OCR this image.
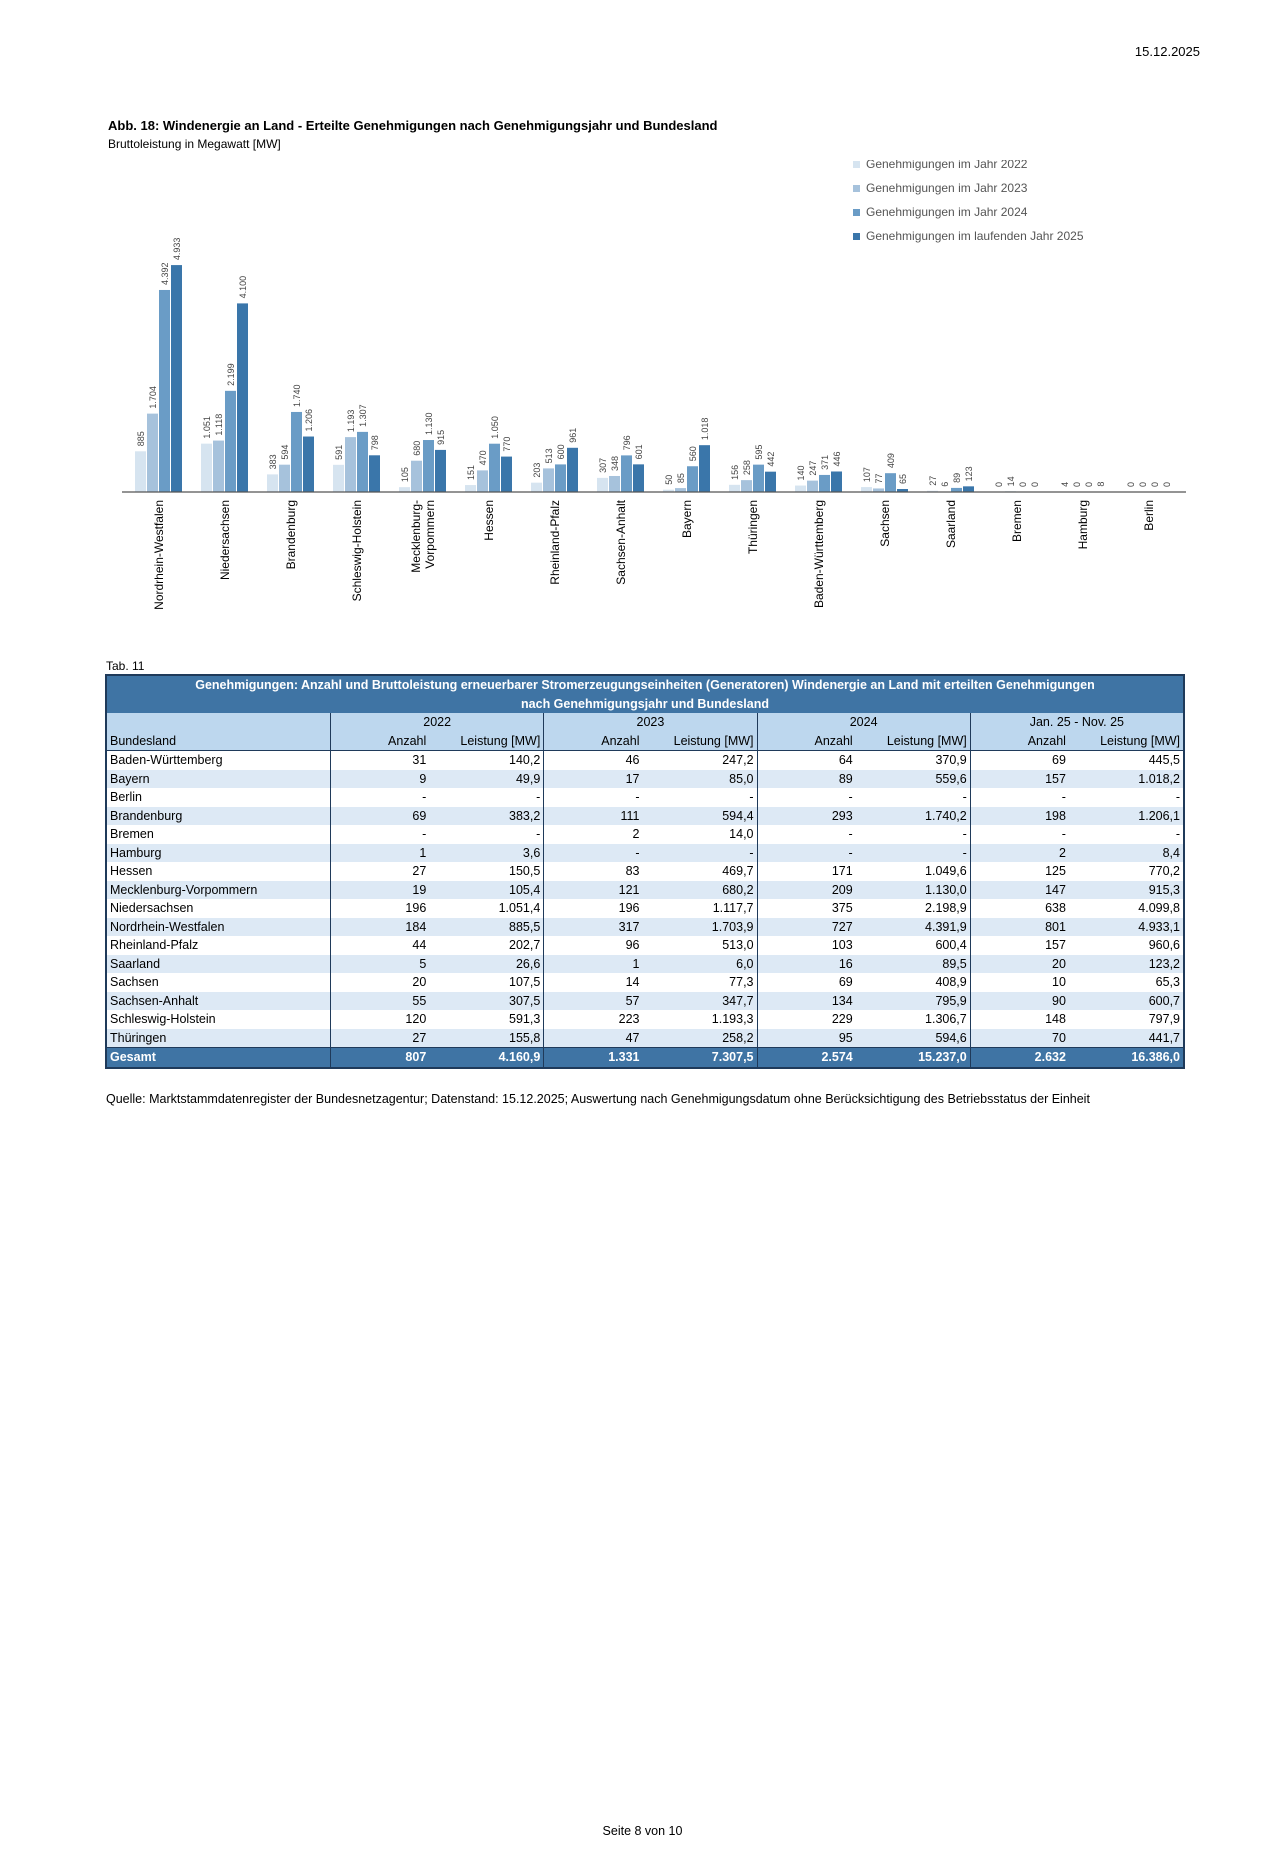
15.12.2025
Abb. 18: Windenergie an Land - Erteilte Genehmigungen nach Genehmigungsjahr und Bundesland
Bruttoleistung in Megawatt [MW]
885
1.704
4.392
4.933
Nordrhein-Westfalen
1.051 1.118
2.199
4.100
Niedersachsen
383
594
1.740
1.206
Brandenburg
591
1.193 1.307
798
Schleswig-Holstein
105
680
1.130
915
Mecklenburg- Vorpommern
151
470
1.050
770
Hessen
203
513 600
961
Rheinland-Pfalz
307 348
796
601
Sachsen-Anhalt
50 85
560
1.018
Bayern
156 258
595 442
Thüringen
140 247 371 446
Baden-Württemberg
107 77
409
65
Sachsen
27 6
89 123
Saarland
0 14 0 0
Bremen
4 0 0 8
Hamburg
0 0 0 0
Berlin
Genehmigungen im Jahr 2022
Genehmigungen im Jahr 2023
Genehmigungen im Jahr 2024
Genehmigungen im laufenden Jahr 2025
Tab. 11
Genehmigungen: Anzahl und Bruttoleistung erneuerbarer Stromerzeugungseinheiten (Generatoren) Windenergie an Land mit erteilten Genehmigungen								
nach Genehmigungsjahr und Bundesland								
	2022		2023		2024		Jan. 25 - Nov. 25	
Bundesland	Anzahl	Leistung [MW]	Anzahl	Leistung [MW]	Anzahl	Leistung [MW]	Anzahl	Leistung [MW]
Baden-Württemberg	31	140,2	46	247,2	64	370,9	69	445,5
Bayern	9	49,9	17	85,0	89	559,6	157	1.018,2
Berlin	-	-	-	-	-	-	-	-
Brandenburg	69	383,2	111	594,4	293	1.740,2	198	1.206,1
Bremen	-	-	2	14,0	-	-	-	-
Hamburg	1	3,6	-	-	-	-	2	8,4
Hessen	27	150,5	83	469,7	171	1.049,6	125	770,2
Mecklenburg-Vorpommern	19	105,4	121	680,2	209	1.130,0	147	915,3
Niedersachsen	196	1.051,4	196	1.117,7	375	2.198,9	638	4.099,8
Nordrhein-Westfalen	184	885,5	317	1.703,9	727	4.391,9	801	4.933,1
Rheinland-Pfalz	44	202,7	96	513,0	103	600,4	157	960,6
Saarland	5	26,6	1	6,0	16	89,5	20	123,2
Sachsen	20	107,5	14	77,3	69	408,9	10	65,3
Sachsen-Anhalt	55	307,5	57	347,7	134	795,9	90	600,7
Schleswig-Holstein	120	591,3	223	1.193,3	229	1.306,7	148	797,9
Thüringen	27	155,8	47	258,2	95	594,6	70	441,7
Gesamt	807	4.160,9	1.331	7.307,5	2.574	15.237,0	2.632	16.386,0
Quelle: Marktstammdatenregister der Bundesnetzagentur; Datenstand: 15.12.2025; Auswertung nach Genehmigungsdatum ohne Berücksichtigung des Betriebsstatus der Einheit
Seite 8 von 10
